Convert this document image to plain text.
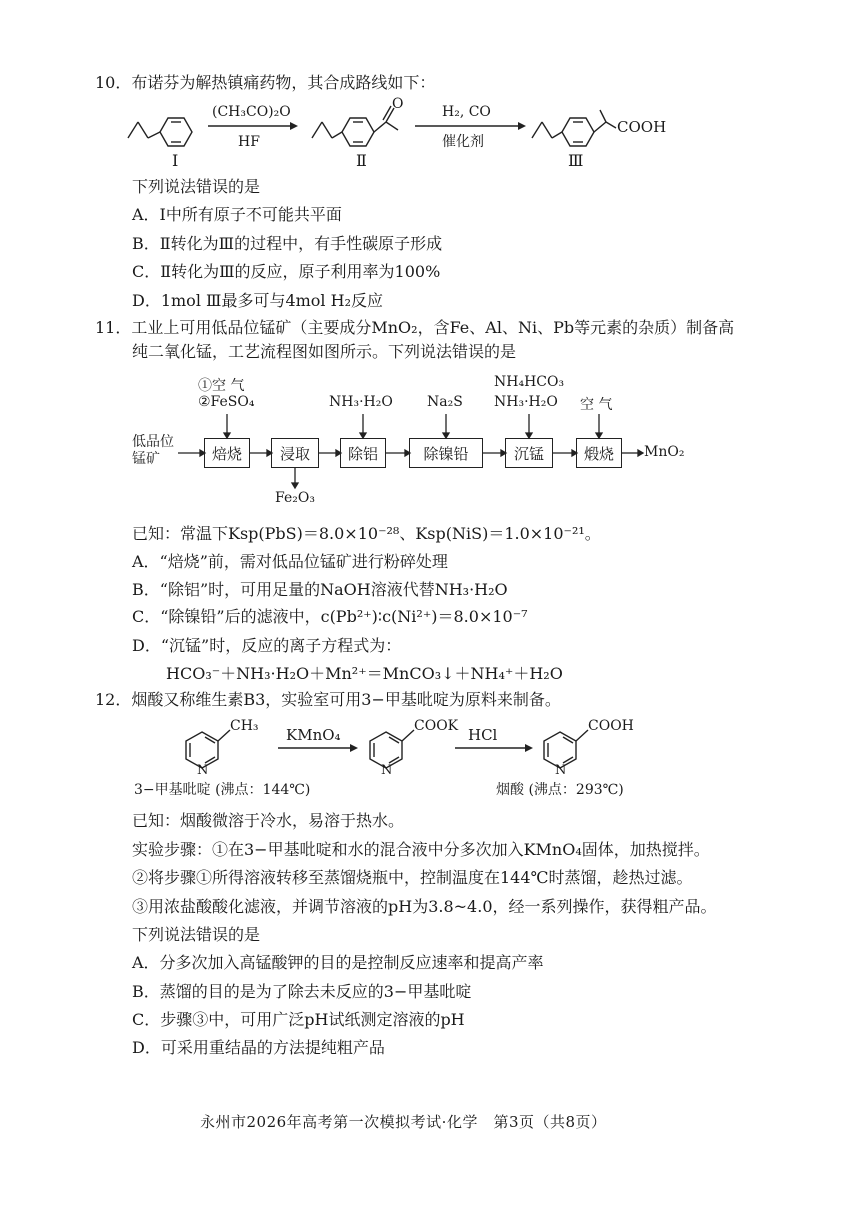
10．布诺芬为解热镇痛药物，其合成路线如下：
Ⅰ
(CH₃CO)₂O
HF
O
Ⅱ
H₂, CO
催化剂
COOH
Ⅲ
下列说法错误的是
A．Ⅰ中所有原子不可能共平面
B．Ⅱ转化为Ⅲ的过程中，有手性碳原子形成
C．Ⅱ转化为Ⅲ的反应，原子利用率为100%
D．1mol Ⅲ最多可与4mol H₂反应
11．工业上可用低品位锰矿（主要成分MnO₂，含Fe、Al、Ni、Pb等元素的杂质）制备高
纯二氧化锰，工艺流程图如图所示。下列说法错误的是
低品位
锰矿
①空 气
②FeSO₄	NH₃·H₂O Na₂S
NH₄HCO₃
NH₃·H₂O 空 气
焙烧	浸取	除铝	除镍铅	沉锰	煅烧
Fe₂O₃
MnO₂
已知：常温下Ksp(PbS)＝8.0×10⁻²⁸、Ksp(NiS)＝1.0×10⁻²¹。
A．“焙烧”前，需对低品位锰矿进行粉碎处理
B．“除铝”时，可用足量的NaOH溶液代替NH₃·H₂O
C．“除镍铅”后的滤液中，c(Pb²⁺)∶c(Ni²⁺)＝8.0×10⁻⁷
D．“沉锰”时，反应的离子方程式为：
HCO₃⁻＋NH₃·H₂O＋Mn²⁺＝MnCO₃↓＋NH₄⁺＋H₂O
12．烟酸又称维生素B3，实验室可用3−甲基吡啶为原料来制备。
CH₃
N
KMnO₄	COOK
N
HCl	COOH
N
3−甲基吡啶 (沸点：144℃)	烟酸 (沸点：293℃)
已知：烟酸微溶于冷水，易溶于热水。
实验步骤：①在3−甲基吡啶和水的混合液中分多次加入KMnO₄固体，加热搅拌。
②将步骤①所得溶液转移至蒸馏烧瓶中，控制温度在144℃时蒸馏，趁热过滤。
③用浓盐酸酸化滤液，并调节溶液的pH为3.8~4.0，经一系列操作，获得粗产品。
下列说法错误的是
A．分多次加入高锰酸钾的目的是控制反应速率和提高产率
B．蒸馏的目的是为了除去未反应的3−甲基吡啶
C．步骤③中，可用广泛pH试纸测定溶液的pH
D．可采用重结晶的方法提纯粗产品
永州市2026年高考第一次模拟考试·化学　第3页（共8页）
